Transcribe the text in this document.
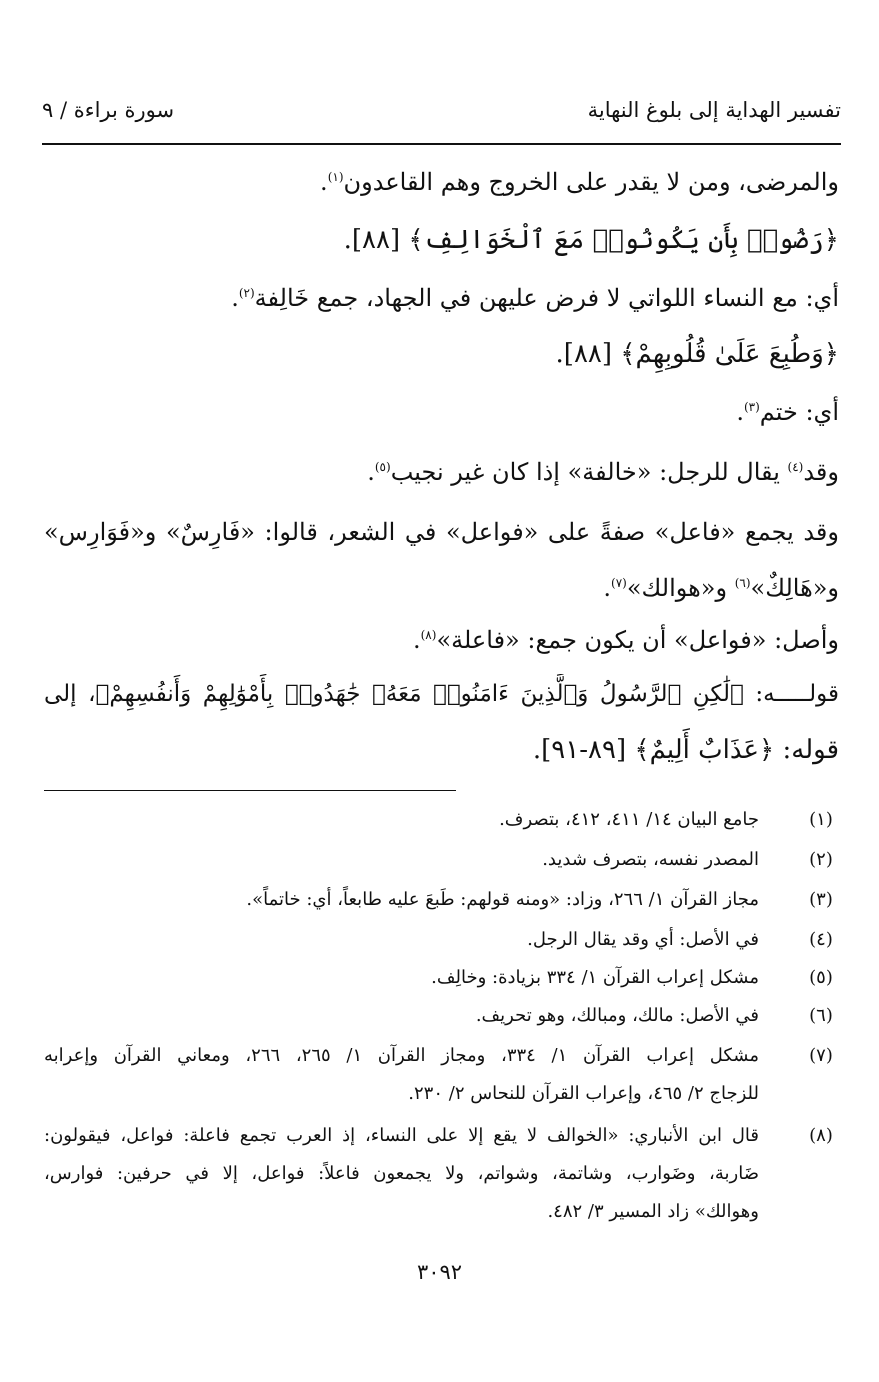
تفسير الهداية إلى بلوغ النهاية
سورة براءة / ٩
والمرضى، ومن لا يقدر على الخروج وهم القاعدون$^{(١)}$.
﴿رَضُوا۟ بِأَن يَكُونُوا۟ مَعَ ٱلْخَوَالِفِ﴾ [٨٨].
أي: مع النساء اللواتي لا فرض عليهن في الجهاد، جمع خَالِفة$^{(٢)}$.
﴿وَطُبِعَ عَلَىٰ قُلُوبِهِمْ﴾ [٨٨].
أي: ختم$^{(٣)}$.
وقد$^{(٤)}$ يقال للرجل: «خالفة» إذا كان غير نجيب$^{(٥)}$.
وقد يجمع «فاعل» صفةً على «فواعل» في الشعر، قالوا: «فَارِسٌ» و«فَوَارِس»
و«هَالِكٌ»$^{(٦)}$ و«هوالك»$^{(٧)}$.
وأصل: «فواعل» أن يكون جمع: «فاعلة»$^{(٨)}$.
قولـــــه: ﴿لَٰكِنِ ٱلرَّسُولُ وَٱلَّذِينَ ءَامَنُوا۟ مَعَهُۥ جَٰهَدُوا۟ بِأَمْوَٰلِهِمْ وَأَنفُسِهِمْ﴾، إلى
قوله: ﴿عَذَابٌ أَلِيمٌ﴾ [٨٩-٩١].
(١)
جامع البيان ١٤/ ٤١١، ٤١٢، بتصرف.
(٢)
المصدر نفسه، بتصرف شديد.
(٣)
مجاز القرآن ١/ ٢٦٦، وزاد: «ومنه قولهم: طَبعَ عليه طابعاً، أي: خاتماً».
(٤)
في الأصل: أي وقد يقال الرجل.
(٥)
مشكل إعراب القرآن ١/ ٣٣٤ بزيادة: وخالِف.
(٦)
في الأصل: مالك، ومبالك، وهو تحريف.
(٧)
مشكل إعراب القرآن ١/ ٣٣٤، ومجاز القرآن ١/ ٢٦٥، ٢٦٦، ومعاني القرآن وإعرابه
للزجاج ٢/ ٤٦٥، وإعراب القرآن للنحاس ٢/ ٢٣٠.
(٨)
قال ابن الأنباري: «الخوالف لا يقع إلا على النساء، إذ العرب تجمع فاعلة: فواعل، فيقولون:
ضَاربة، وضَوارب، وشاتمة، وشواتم، ولا يجمعون فاعلاً: فواعل، إلا في حرفين: فوارس،
وهوالك» زاد المسير ٣/ ٤٨٢.
٣٠٩٢
